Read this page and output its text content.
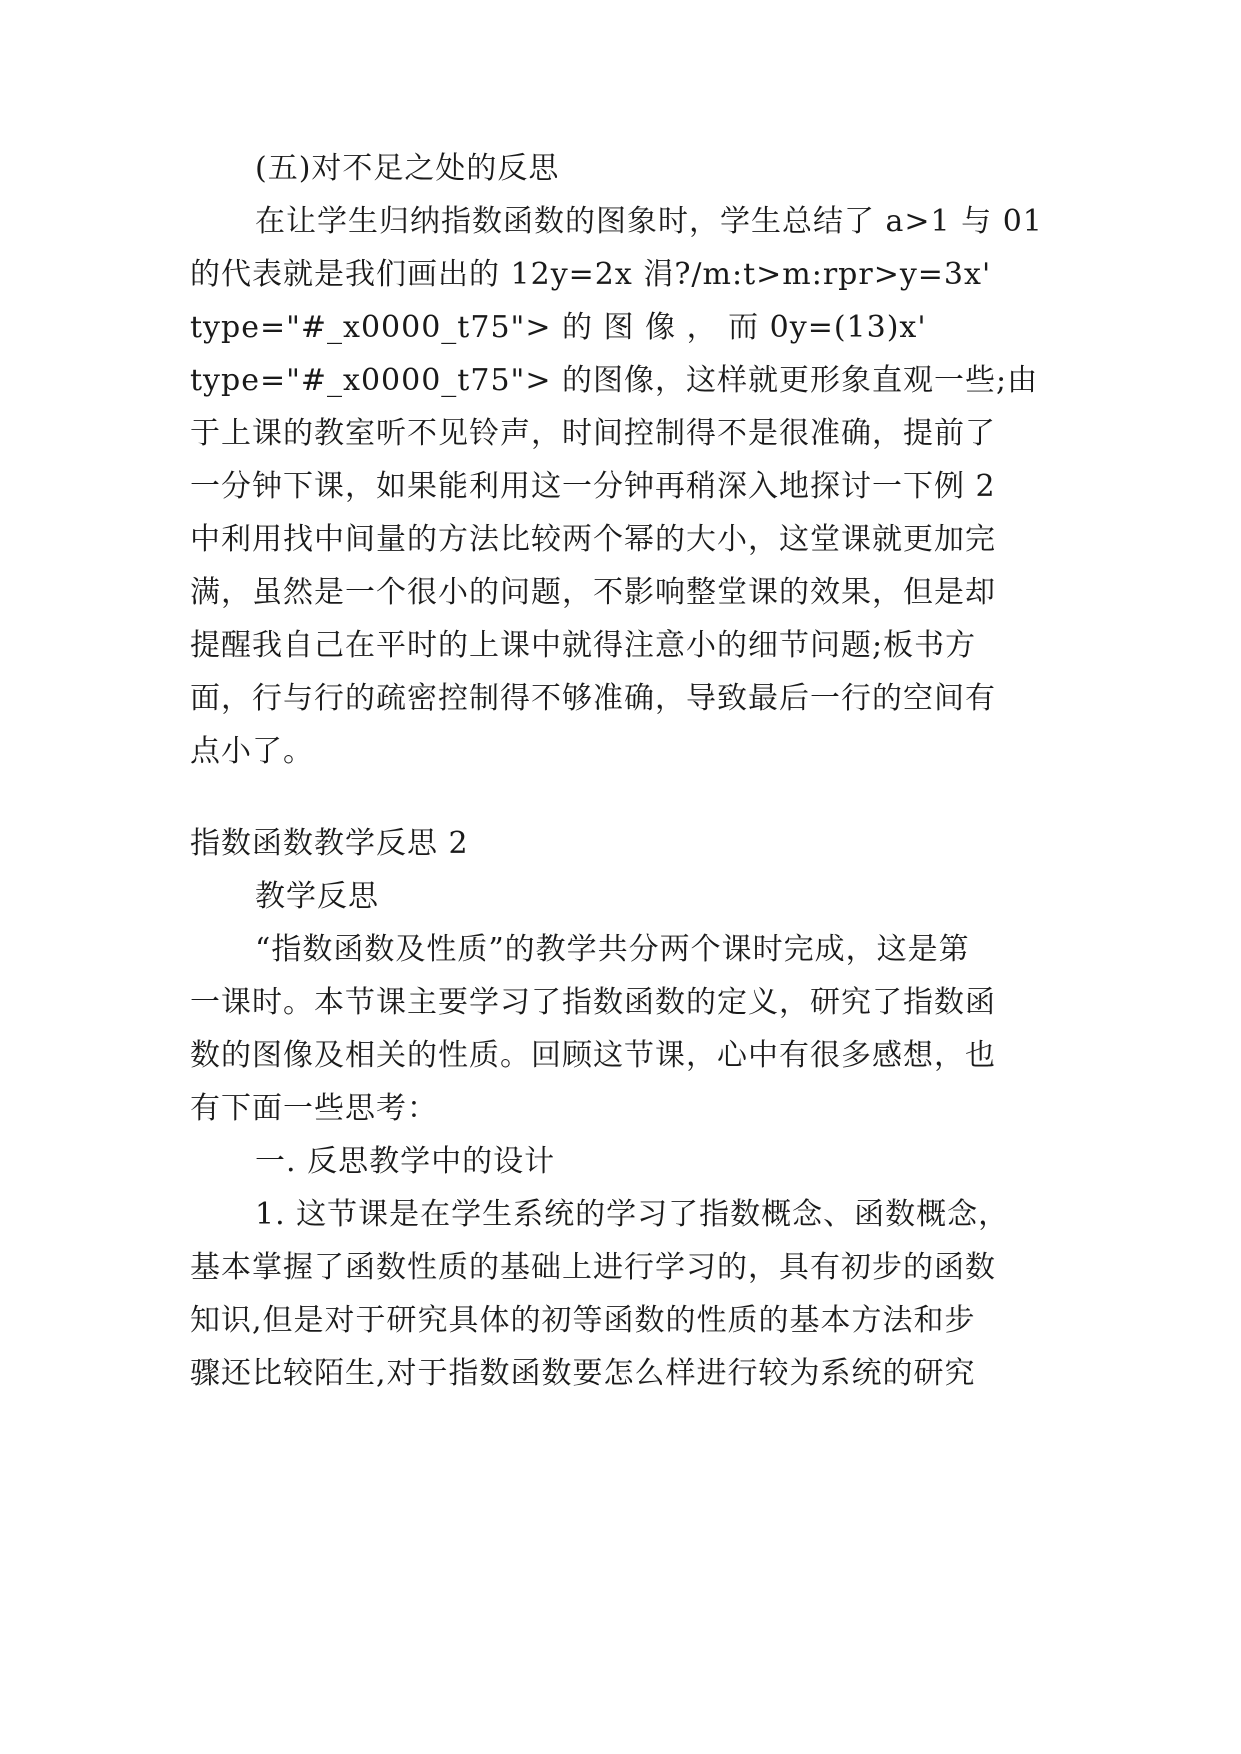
(五)对不足之处的反思
在让学生归纳指数函数的图象时，学生总结了 a>1 与 01
的代表就是我们画出的 12y=2x 涓?/m:t>m:rpr>y=3x'
type="#_x0000_t75"> 的 图 像 ， 而 0y=(13)x'
type="#_x0000_t75"> 的图像，这样就更形象直观一些;由
于上课的教室听不见铃声，时间控制得不是很准确，提前了
一分钟下课，如果能利用这一分钟再稍深入地探讨一下例 2
中利用找中间量的方法比较两个幂的大小，这堂课就更加完
满，虽然是一个很小的问题，不影响整堂课的效果，但是却
提醒我自己在平时的上课中就得注意小的细节问题;板书方
面，行与行的疏密控制得不够准确，导致最后一行的空间有
点小了。
指数函数教学反思 2
教学反思
“指数函数及性质”的教学共分两个课时完成，这是第
一课时。本节课主要学习了指数函数的定义，研究了指数函
数的图像及相关的性质。回顾这节课，心中有很多感想，也
有下面一些思考：
一. 反思教学中的设计
1. 这节课是在学生系统的学习了指数概念、函数概念，
基本掌握了函数性质的基础上进行学习的，具有初步的函数
知识,但是对于研究具体的初等函数的性质的基本方法和步
骤还比较陌生,对于指数函数要怎么样进行较为系统的研究
